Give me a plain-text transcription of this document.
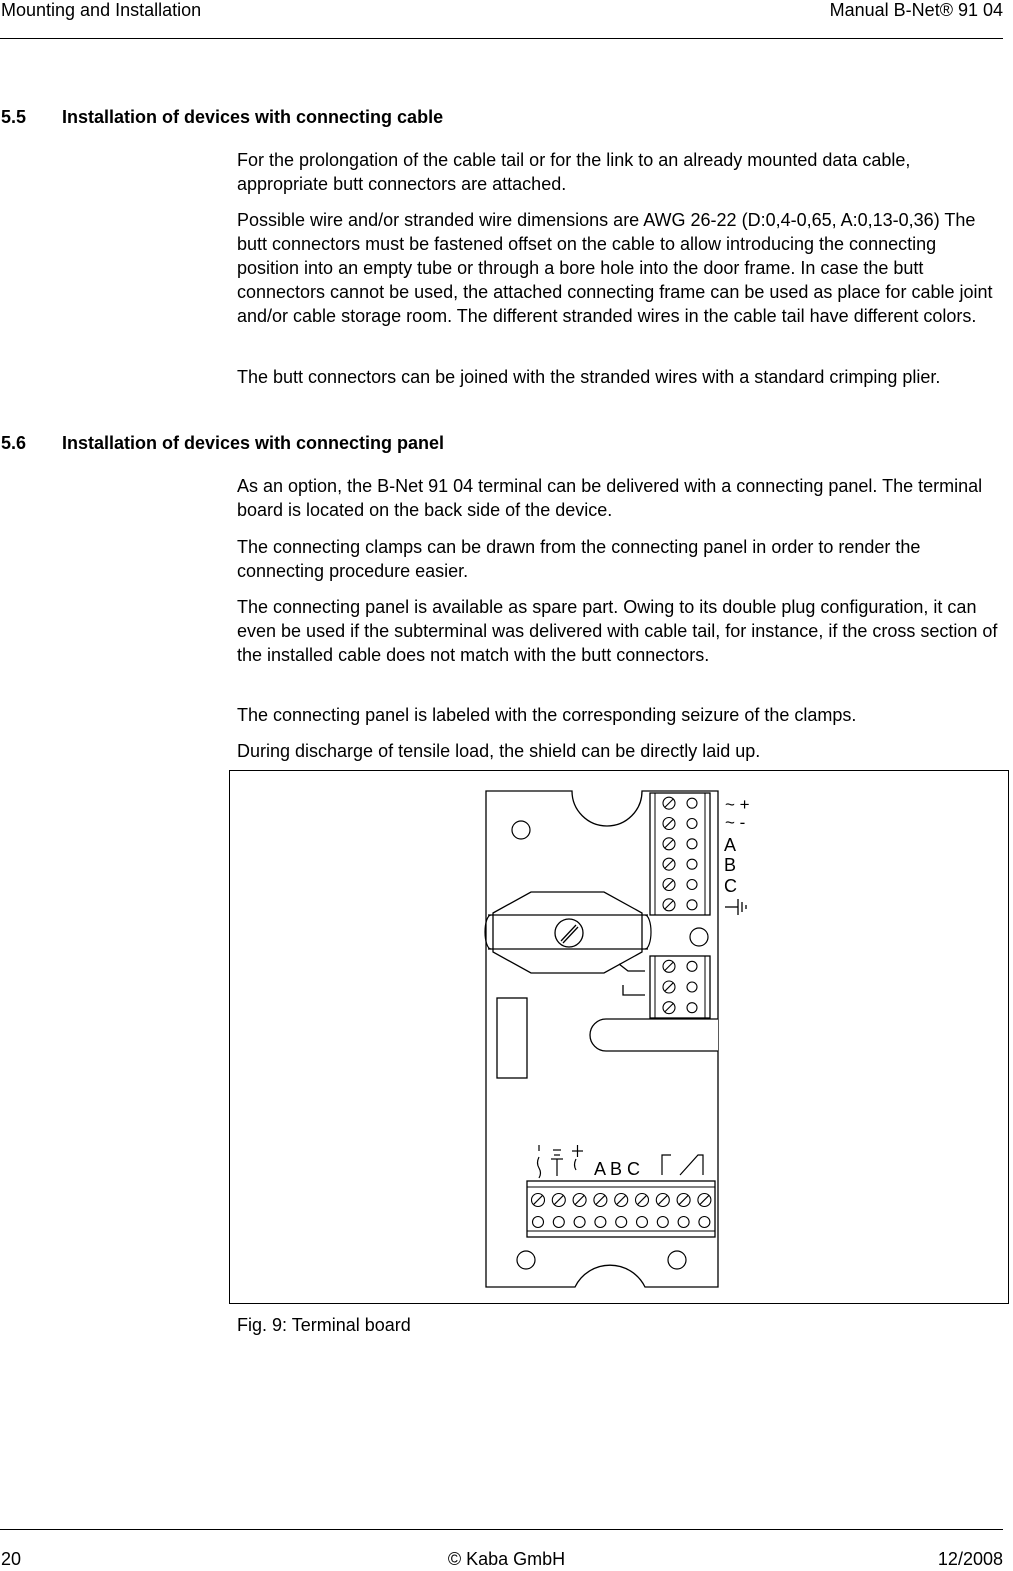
Mounting and Installation	Manual B-Net® 91 04
5.5 Installation of devices with connecting cable

For the prolongation of the cable tail or for the link to an already mounted data cable, appropriate butt connectors are attached.

Possible wire and/or stranded wire dimensions are AWG 26-22 (D:0,4-0,65, A:0,13-0,36) The butt connectors must be fastened offset on the cable to allow introducing the connecting position into an empty tube or through a bore hole into the door frame. In case the butt connectors cannot be used, the attached connecting frame can be used as place for cable joint and/or cable storage room. The different stranded wires in the cable tail have different colors.

The butt connectors can be joined with the stranded wires with a standard crimping plier.

5.6 Installation of devices with connecting panel

As an option, the B-Net 91 04 terminal can be delivered with a connecting panel. The terminal board is located on the back side of the device.

The connecting clamps can be drawn from the connecting panel in order to render the connecting procedure easier.

The connecting panel is available as spare part. Owing to its double plug configuration, it can even be used if the subterminal was delivered with cable tail, for instance, if the cross section of the installed cable does not match with the butt connectors.

The connecting panel is labeled with the corresponding seizure of the clamps.

During discharge of tensile load, the shield can be directly laid up.

~ +
~ -
A
B
C
A B C
Fig. 9: Terminal board
20	© Kaba GmbH	12/2008
